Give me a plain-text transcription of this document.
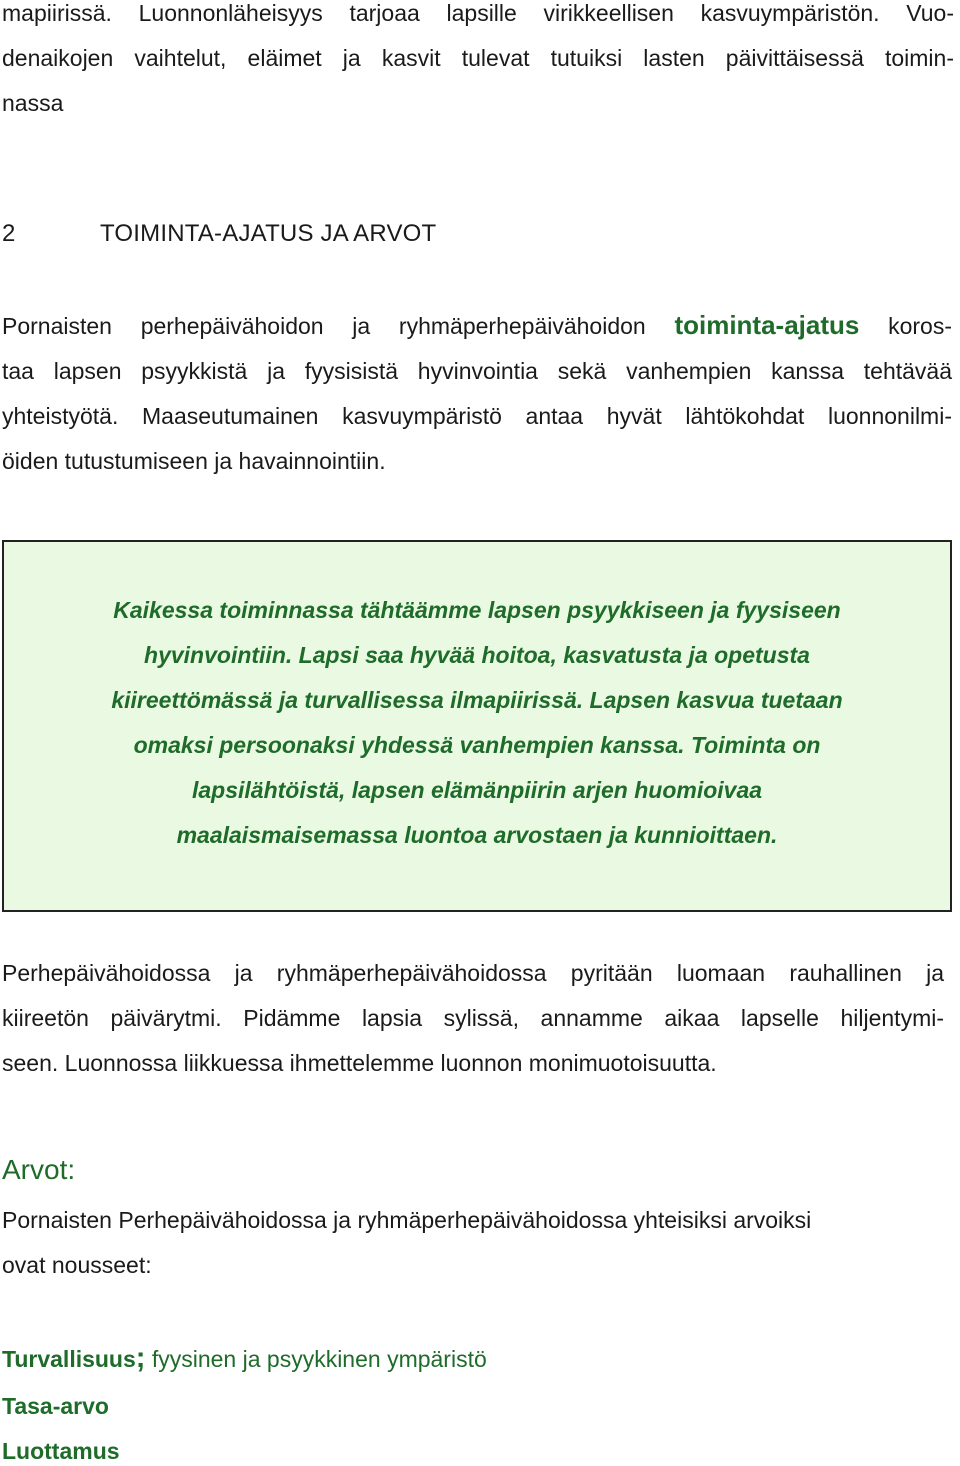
mapiirissä. Luonnonläheisyys tarjoaa lapsille virikkeellisen kasvuympäristön. Vuo-
denaikojen vaihtelut, eläimet ja kasvit tulevat tutuiksi lasten päivittäisessä toimin-
nassa

2	TOIMINTA-AJATUS JA ARVOT

Pornaisten perhepäivähoidon ja ryhmäperhepäivähoidon toiminta-ajatus koros-
taa lapsen psyykkistä ja fyysisistä hyvinvointia sekä vanhempien kanssa tehtävää
yhteistyötä. Maaseutumainen kasvuympäristö antaa hyvät lähtökohdat luonnonilmi-
öiden tutustumiseen ja havainnointiin.

Kaikessa toiminnassa tähtäämme lapsen psyykkiseen ja fyysiseen
hyvinvointiin. Lapsi saa hyvää hoitoa, kasvatusta ja opetusta
kiireettömässä ja turvallisessa ilmapiirissä. Lapsen kasvua tuetaan
omaksi persoonaksi yhdessä vanhempien kanssa. Toiminta on
lapsilähtöistä, lapsen elämänpiirin arjen huomioivaa
maalaismaisemassa luontoa arvostaen ja kunnioittaen.

Perhepäivähoidossa ja ryhmäperhepäivähoidossa pyritään luomaan rauhallinen ja
kiireetön päivärytmi. Pidämme lapsia sylissä, annamme aikaa lapselle hiljentymi-
seen. Luonnossa liikkuessa ihmettelemme luonnon monimuotoisuutta.

Arvot:

Pornaisten Perhepäivähoidossa ja ryhmäperhepäivähoidossa yhteisiksi arvoiksi
ovat nousseet:

Turvallisuus; fyysinen ja psyykkinen ympäristö
Tasa-arvo
Luottamus
